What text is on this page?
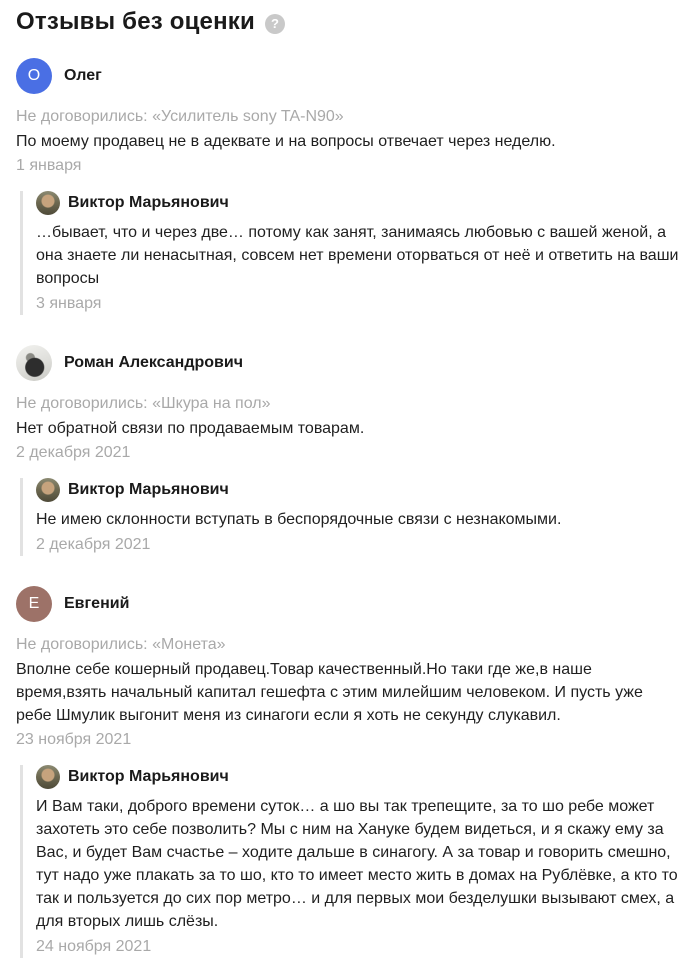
Отзывы без оценки	?
О	Олег
Не договорились: «Усилитель sony TA-N90»
По моему продавец не в адеквате и на вопросы отвечает через неделю.
1 января
Виктор Марьянович
…бывает, что и через две… потому как занят, занимаясь любовью с вашей женой, а она знаете ли ненасытная, совсем нет времени оторваться от неё и ответить на ваши вопросы
3 января
Роман Александрович
Не договорились: «Шкура на пол»
Нет обратной связи по продаваемым товарам.
2 декабря 2021
Виктор Марьянович
Не имею склонности вступать в беспорядочные связи с незнакомыми.
2 декабря 2021
Е	Евгений
Не договорились: «Монета»
Вполне себе кошерный продавец.Товар качественный.Но таки где же,в наше время,взять начальный капитал гешефта с этим милейшим человеком. И пусть уже ребе Шмулик выгонит меня из синагоги если я хоть не секунду слукавил.
23 ноября 2021
Виктор Марьянович
И Вам таки, доброго времени суток… а шо вы так трепещите, за то шо ребе может захотеть это себе позволить? Мы с ним на Хануке будем видеться, и я скажу ему за Вас, и будет Вам счастье – ходите дальше в синагогу. А за товар и говорить смешно, тут надо уже плакать за то шо, кто то имеет место жить в домах на Рублёвке, а кто то так и пользуется до сих пор метро… и для первых мои безделушки вызывают смех, а для вторых лишь слёзы.
24 ноября 2021
